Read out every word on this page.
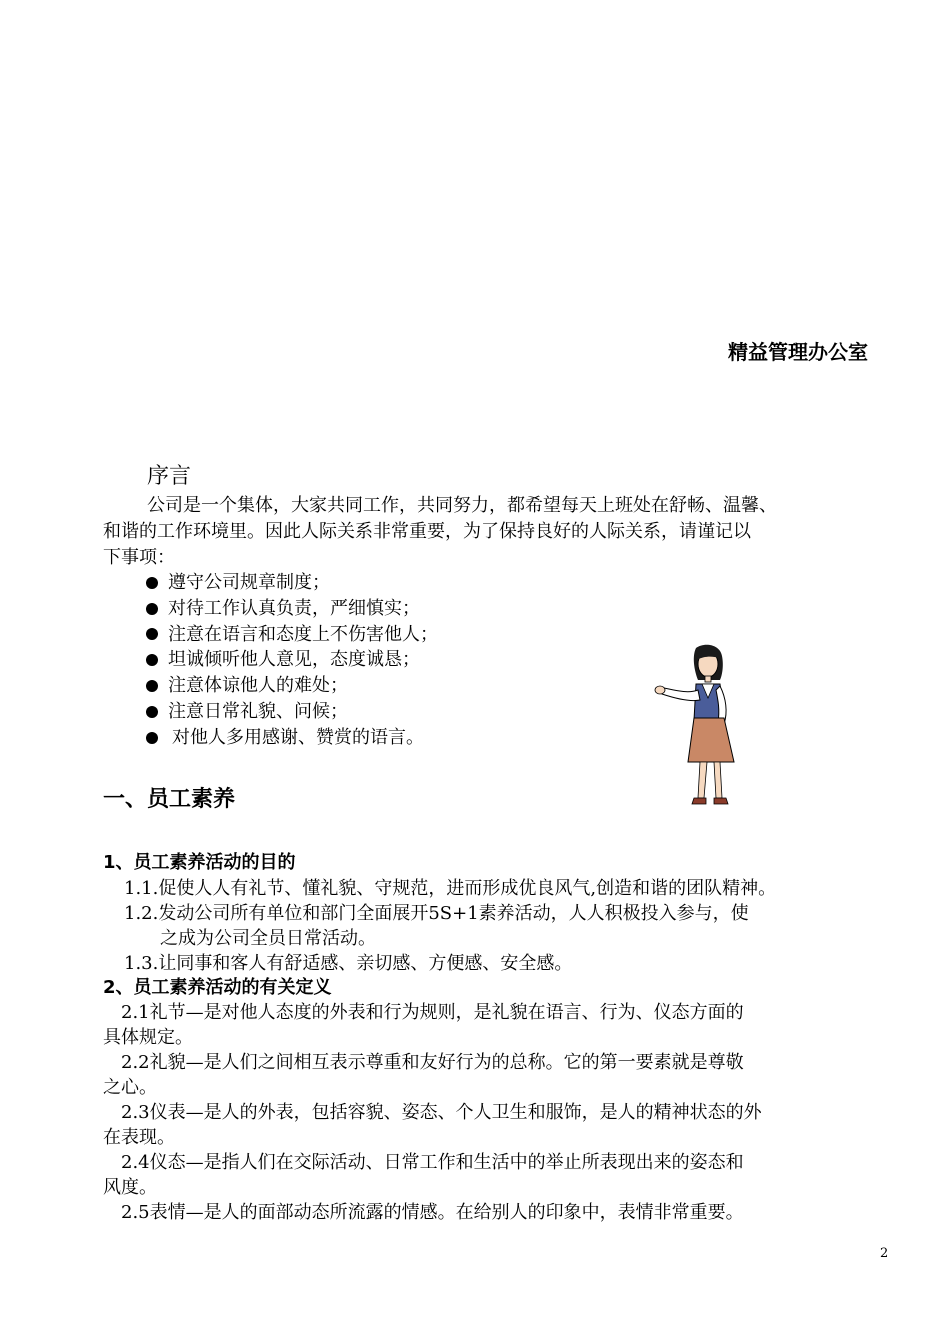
精益管理办公室
序言
公司是一个集体，大家共同工作，共同努力，都希望每天上班处在舒畅、温馨、
和谐的工作环境里。因此人际关系非常重要，为了保持良好的人际关系，请谨记以
下事项：
遵守公司规章制度；
对待工作认真负责，严细慎实；
注意在语言和态度上不伤害他人；
坦诚倾听他人意见，态度诚恳；
注意体谅他人的难处；
注意日常礼貌、问候；
对他人多用感谢、赞赏的语言。
一、员工素养
1、员工素养活动的目的
1.1.促使人人有礼节、懂礼貌、守规范，进而形成优良风气,创造和谐的团队精神。
1.2.发动公司所有单位和部门全面展开5S+1素养活动，人人积极投入参与，使
之成为公司全员日常活动。
1.3.让同事和客人有舒适感、亲切感、方便感、安全感。
2、员工素养活动的有关定义
2.1礼节—是对他人态度的外表和行为规则，是礼貌在语言、行为、仪态方面的
具体规定。
2.2礼貌—是人们之间相互表示尊重和友好行为的总称。它的第一要素就是尊敬
之心。
2.3仪表—是人的外表，包括容貌、姿态、个人卫生和服饰，是人的精神状态的外
在表现。
2.4仪态—是指人们在交际活动、日常工作和生活中的举止所表现出来的姿态和
风度。
2.5表情—是人的面部动态所流露的情感。在给别人的印象中，表情非常重要。
2
